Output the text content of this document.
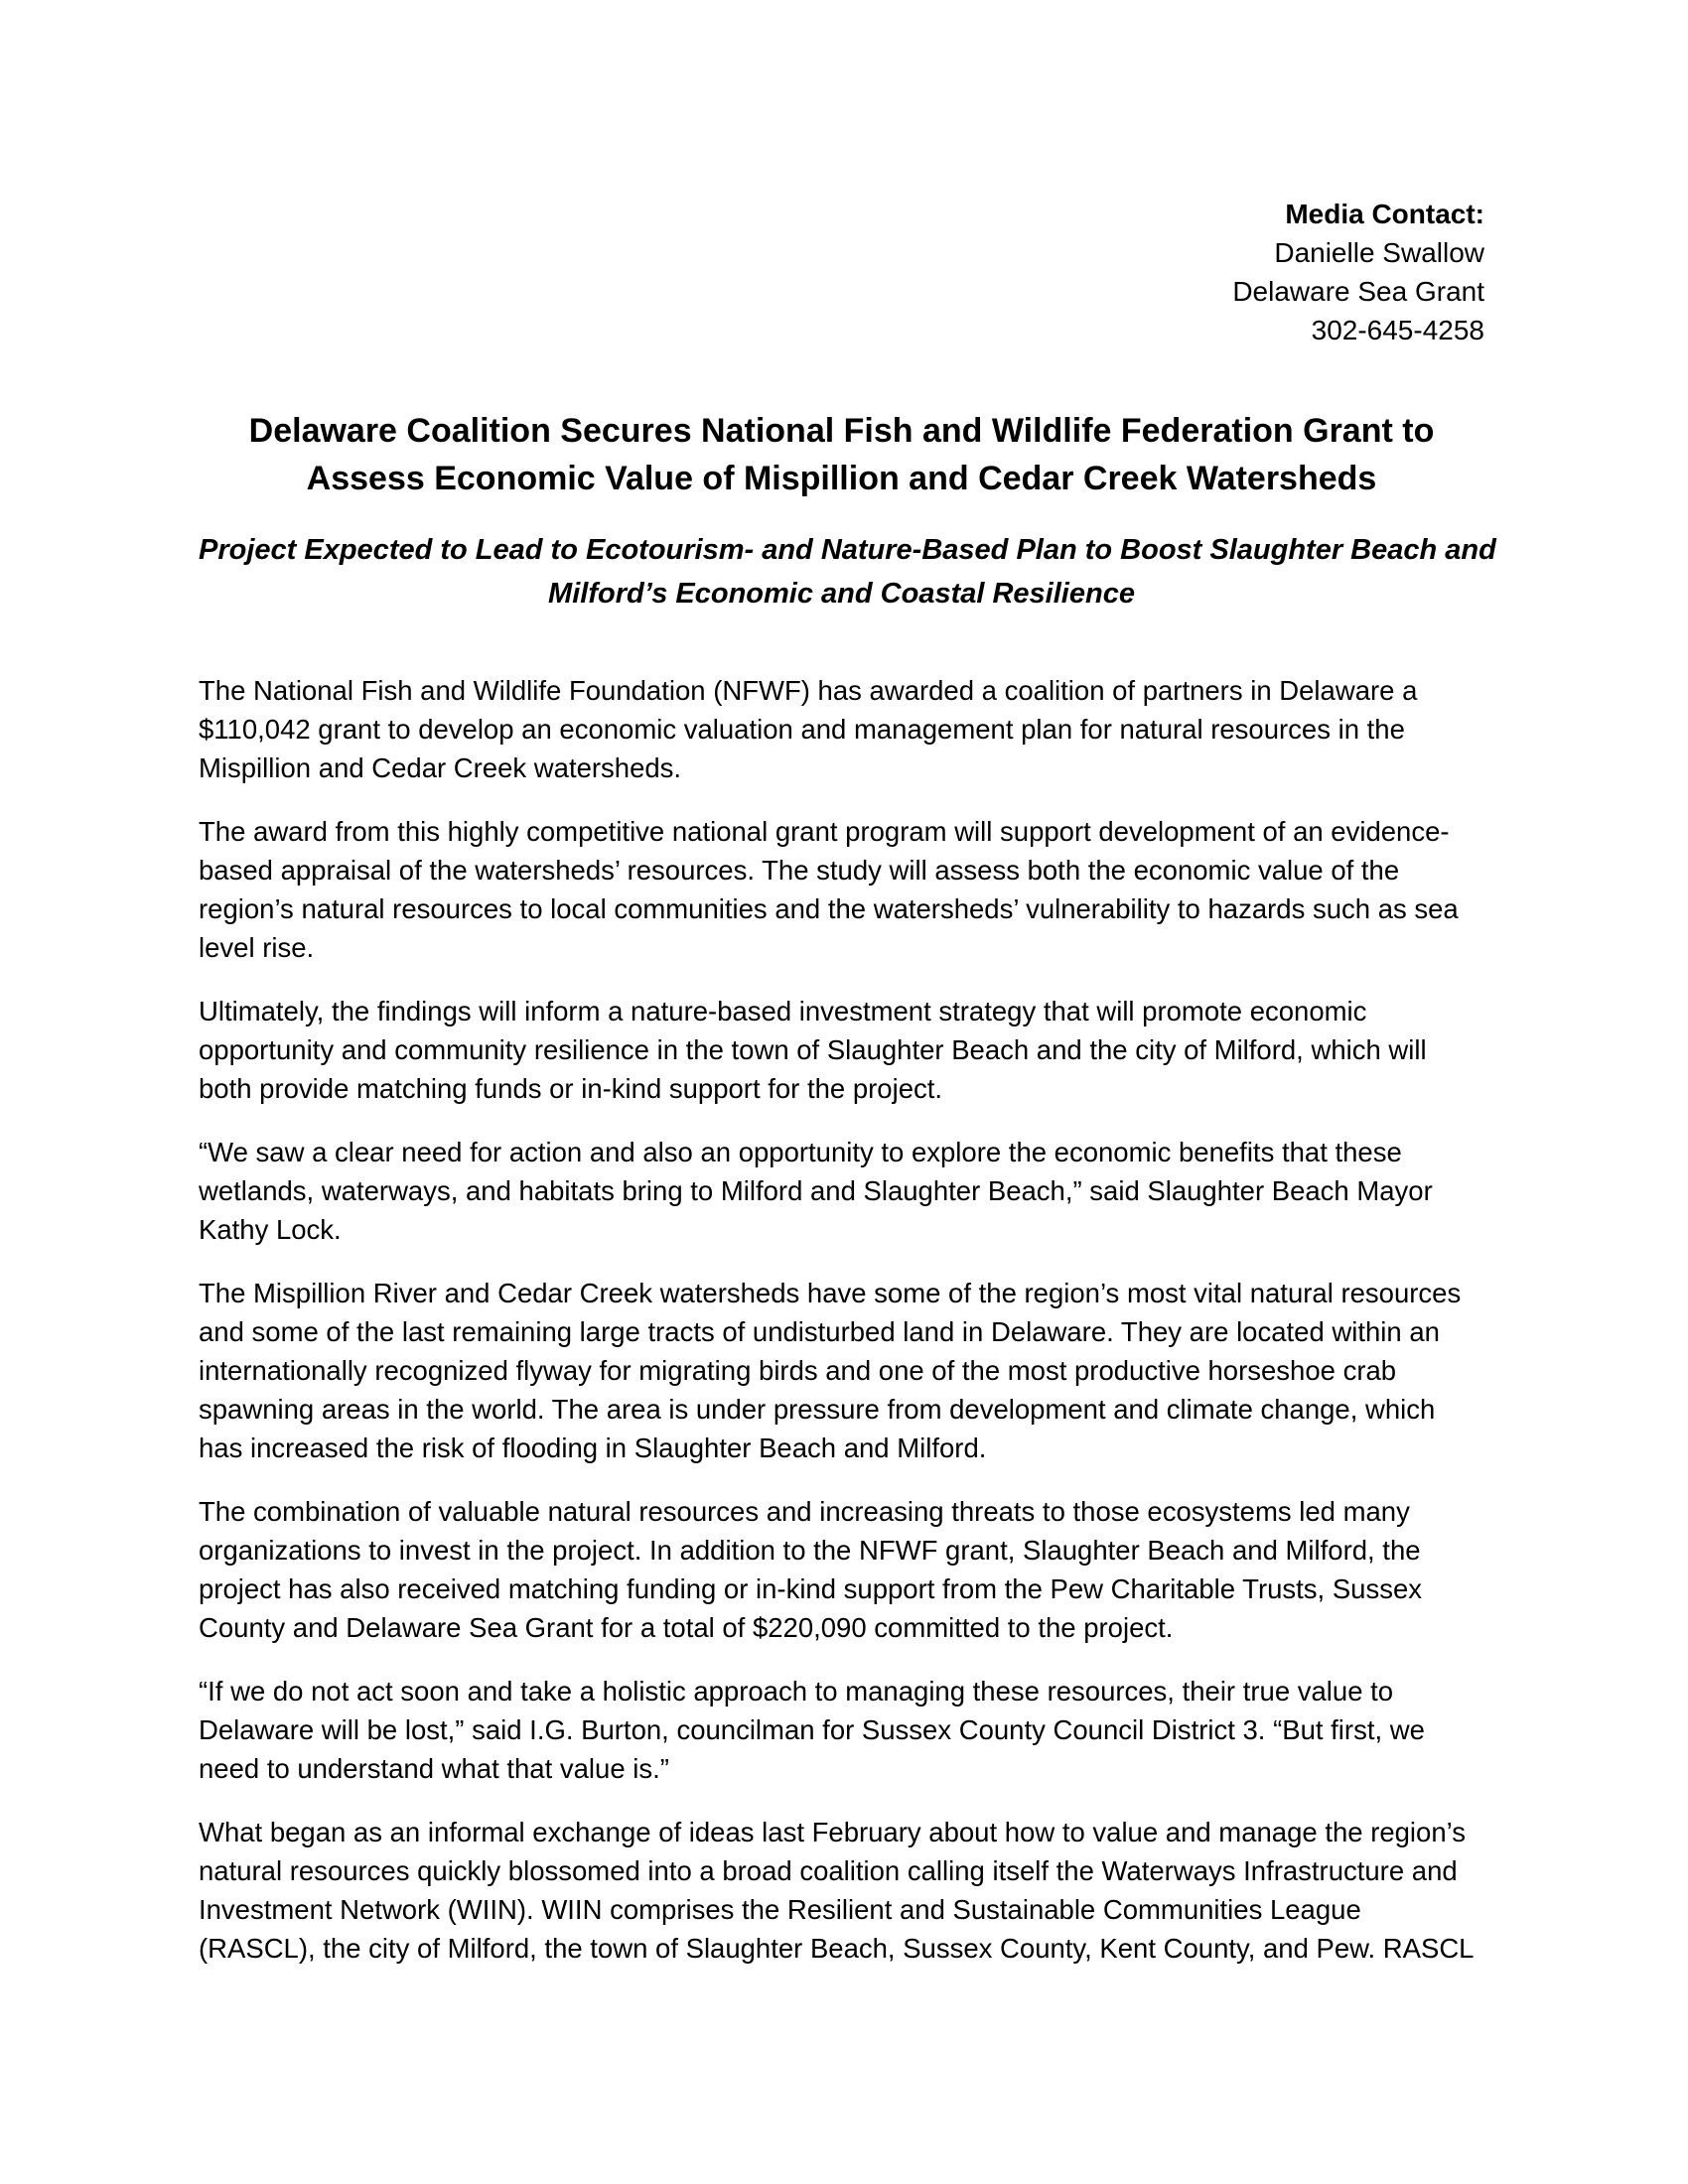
Media Contact:
Danielle Swallow
Delaware Sea Grant
302-645-4258
Delaware Coalition Secures National Fish and Wildlife Federation Grant to
Assess Economic Value of Mispillion and Cedar Creek Watersheds
Project Expected to Lead to Ecotourism- and Nature-Based Plan to Boost Slaughter Beach and
Milford’s Economic and Coastal Resilience

The National Fish and Wildlife Foundation (NFWF) has awarded a coalition of partners in Delaware a $110,042 grant to develop an economic valuation and management plan for natural resources in the Mispillion and Cedar Creek watersheds.

The award from this highly competitive national grant program will support development of an evidence-based appraisal of the watersheds’ resources. The study will assess both the economic value of the region’s natural resources to local communities and the watersheds’ vulnerability to hazards such as sea level rise.

Ultimately, the findings will inform a nature-based investment strategy that will promote economic opportunity and community resilience in the town of Slaughter Beach and the city of Milford, which will both provide matching funds or in-kind support for the project.

“We saw a clear need for action and also an opportunity to explore the economic benefits that these wetlands, waterways, and habitats bring to Milford and Slaughter Beach,” said Slaughter Beach Mayor Kathy Lock.

The Mispillion River and Cedar Creek watersheds have some of the region’s most vital natural resources and some of the last remaining large tracts of undisturbed land in Delaware. They are located within an internationally recognized flyway for migrating birds and one of the most productive horseshoe crab spawning areas in the world. The area is under pressure from development and climate change, which has increased the risk of flooding in Slaughter Beach and Milford.

The combination of valuable natural resources and increasing threats to those ecosystems led many organizations to invest in the project. In addition to the NFWF grant, Slaughter Beach and Milford, the project has also received matching funding or in-kind support from the Pew Charitable Trusts, Sussex County and Delaware Sea Grant for a total of $220,090 committed to the project.

“If we do not act soon and take a holistic approach to managing these resources, their true value to Delaware will be lost,” said I.G. Burton, councilman for Sussex County Council District 3. “But first, we need to understand what that value is.”

What began as an informal exchange of ideas last February about how to value and manage the region’s natural resources quickly blossomed into a broad coalition calling itself the Waterways Infrastructure and Investment Network (WIIN). WIIN comprises the Resilient and Sustainable Communities League (RASCL), the city of Milford, the town of Slaughter Beach, Sussex County, Kent County, and Pew. RASCL
